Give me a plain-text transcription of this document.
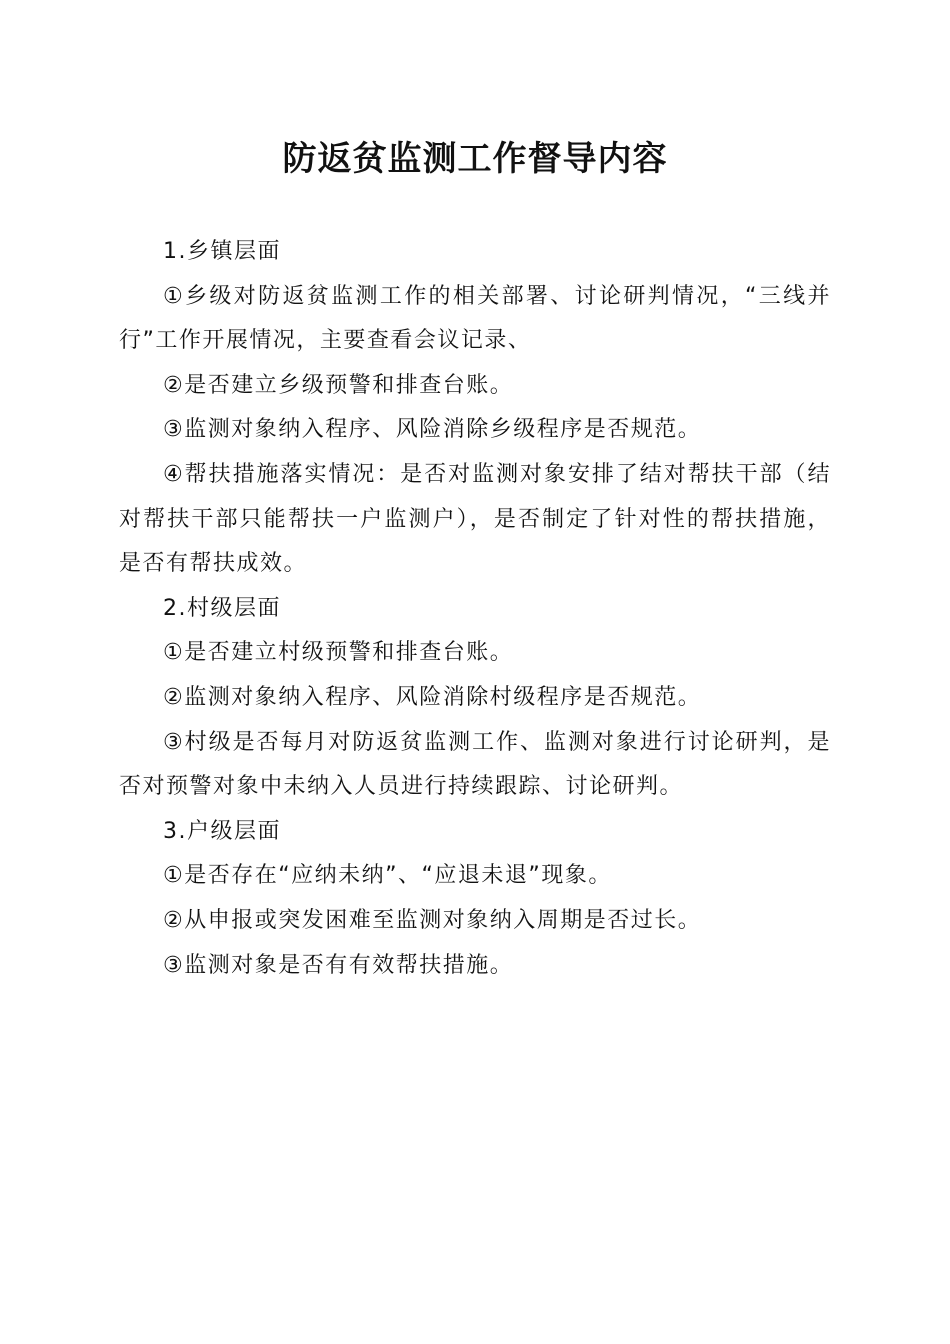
防返贫监测工作督导内容

1.乡镇层面

①乡级对防返贫监测工作的相关部署、讨论研判情况，“三线并行”工作开展情况，主要查看会议记录、

②是否建立乡级预警和排查台账。

③监测对象纳入程序、风险消除乡级程序是否规范。

④帮扶措施落实情况：是否对监测对象安排了结对帮扶干部（结对帮扶干部只能帮扶一户监测户），是否制定了针对性的帮扶措施，是否有帮扶成效。

2.村级层面

①是否建立村级预警和排查台账。

②监测对象纳入程序、风险消除村级程序是否规范。

③村级是否每月对防返贫监测工作、监测对象进行讨论研判，是否对预警对象中未纳入人员进行持续跟踪、讨论研判。

3.户级层面

①是否存在“应纳未纳”、“应退未退”现象。

②从申报或突发困难至监测对象纳入周期是否过长。

③监测对象是否有有效帮扶措施。
